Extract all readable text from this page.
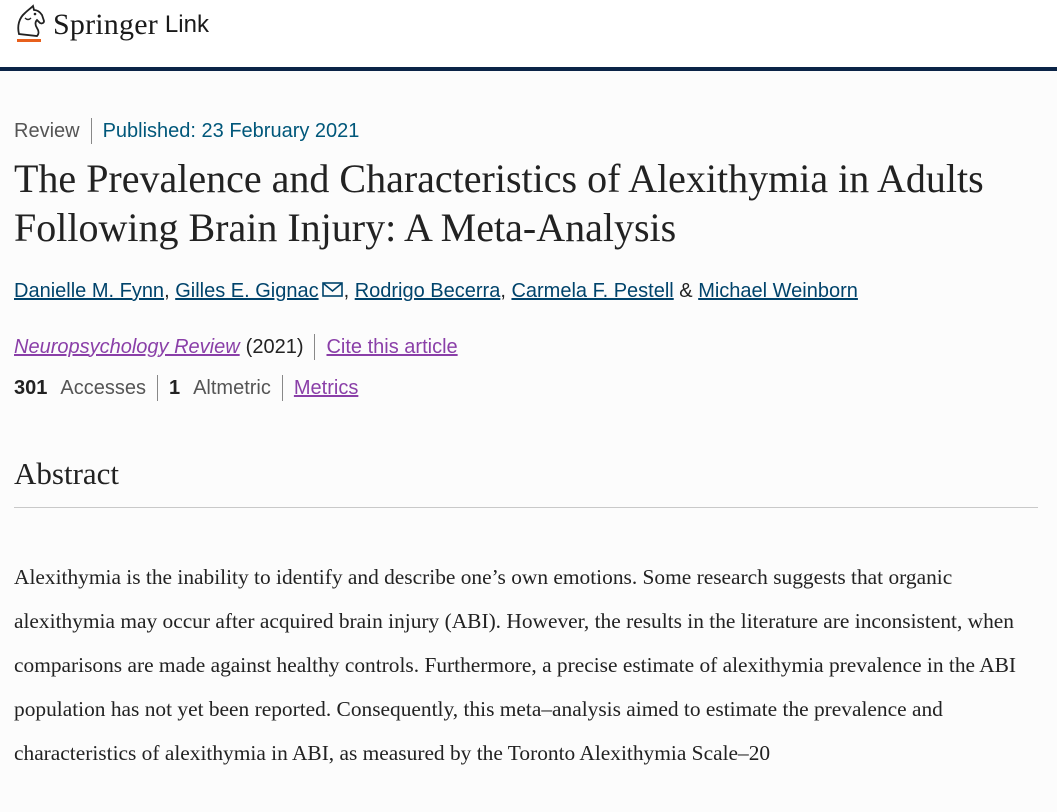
Springer Link
Review Published: 23 February 2021
The Prevalence and Characteristics of Alexithymia in Adults Following Brain Injury: A Meta-Analysis
Danielle M. Fynn, Gilles E. Gignac , Rodrigo Becerra, Carmela F. Pestell & Michael Weinborn
Neuropsychology Review (2021) Cite this article
301 Accesses 1 Altmetric Metrics
Abstract

Alexithymia is the inability to identify and describe one’s own emotions. Some research suggests that organic alexithymia may occur after acquired brain injury (ABI). However, the results in the literature are inconsistent, when comparisons are made against healthy controls. Furthermore, a precise estimate of alexithymia prevalence in the ABI population has not yet been reported. Consequently, this meta–analysis aimed to estimate the prevalence and characteristics of alexithymia in ABI, as measured by the Toronto Alexithymia Scale–20
